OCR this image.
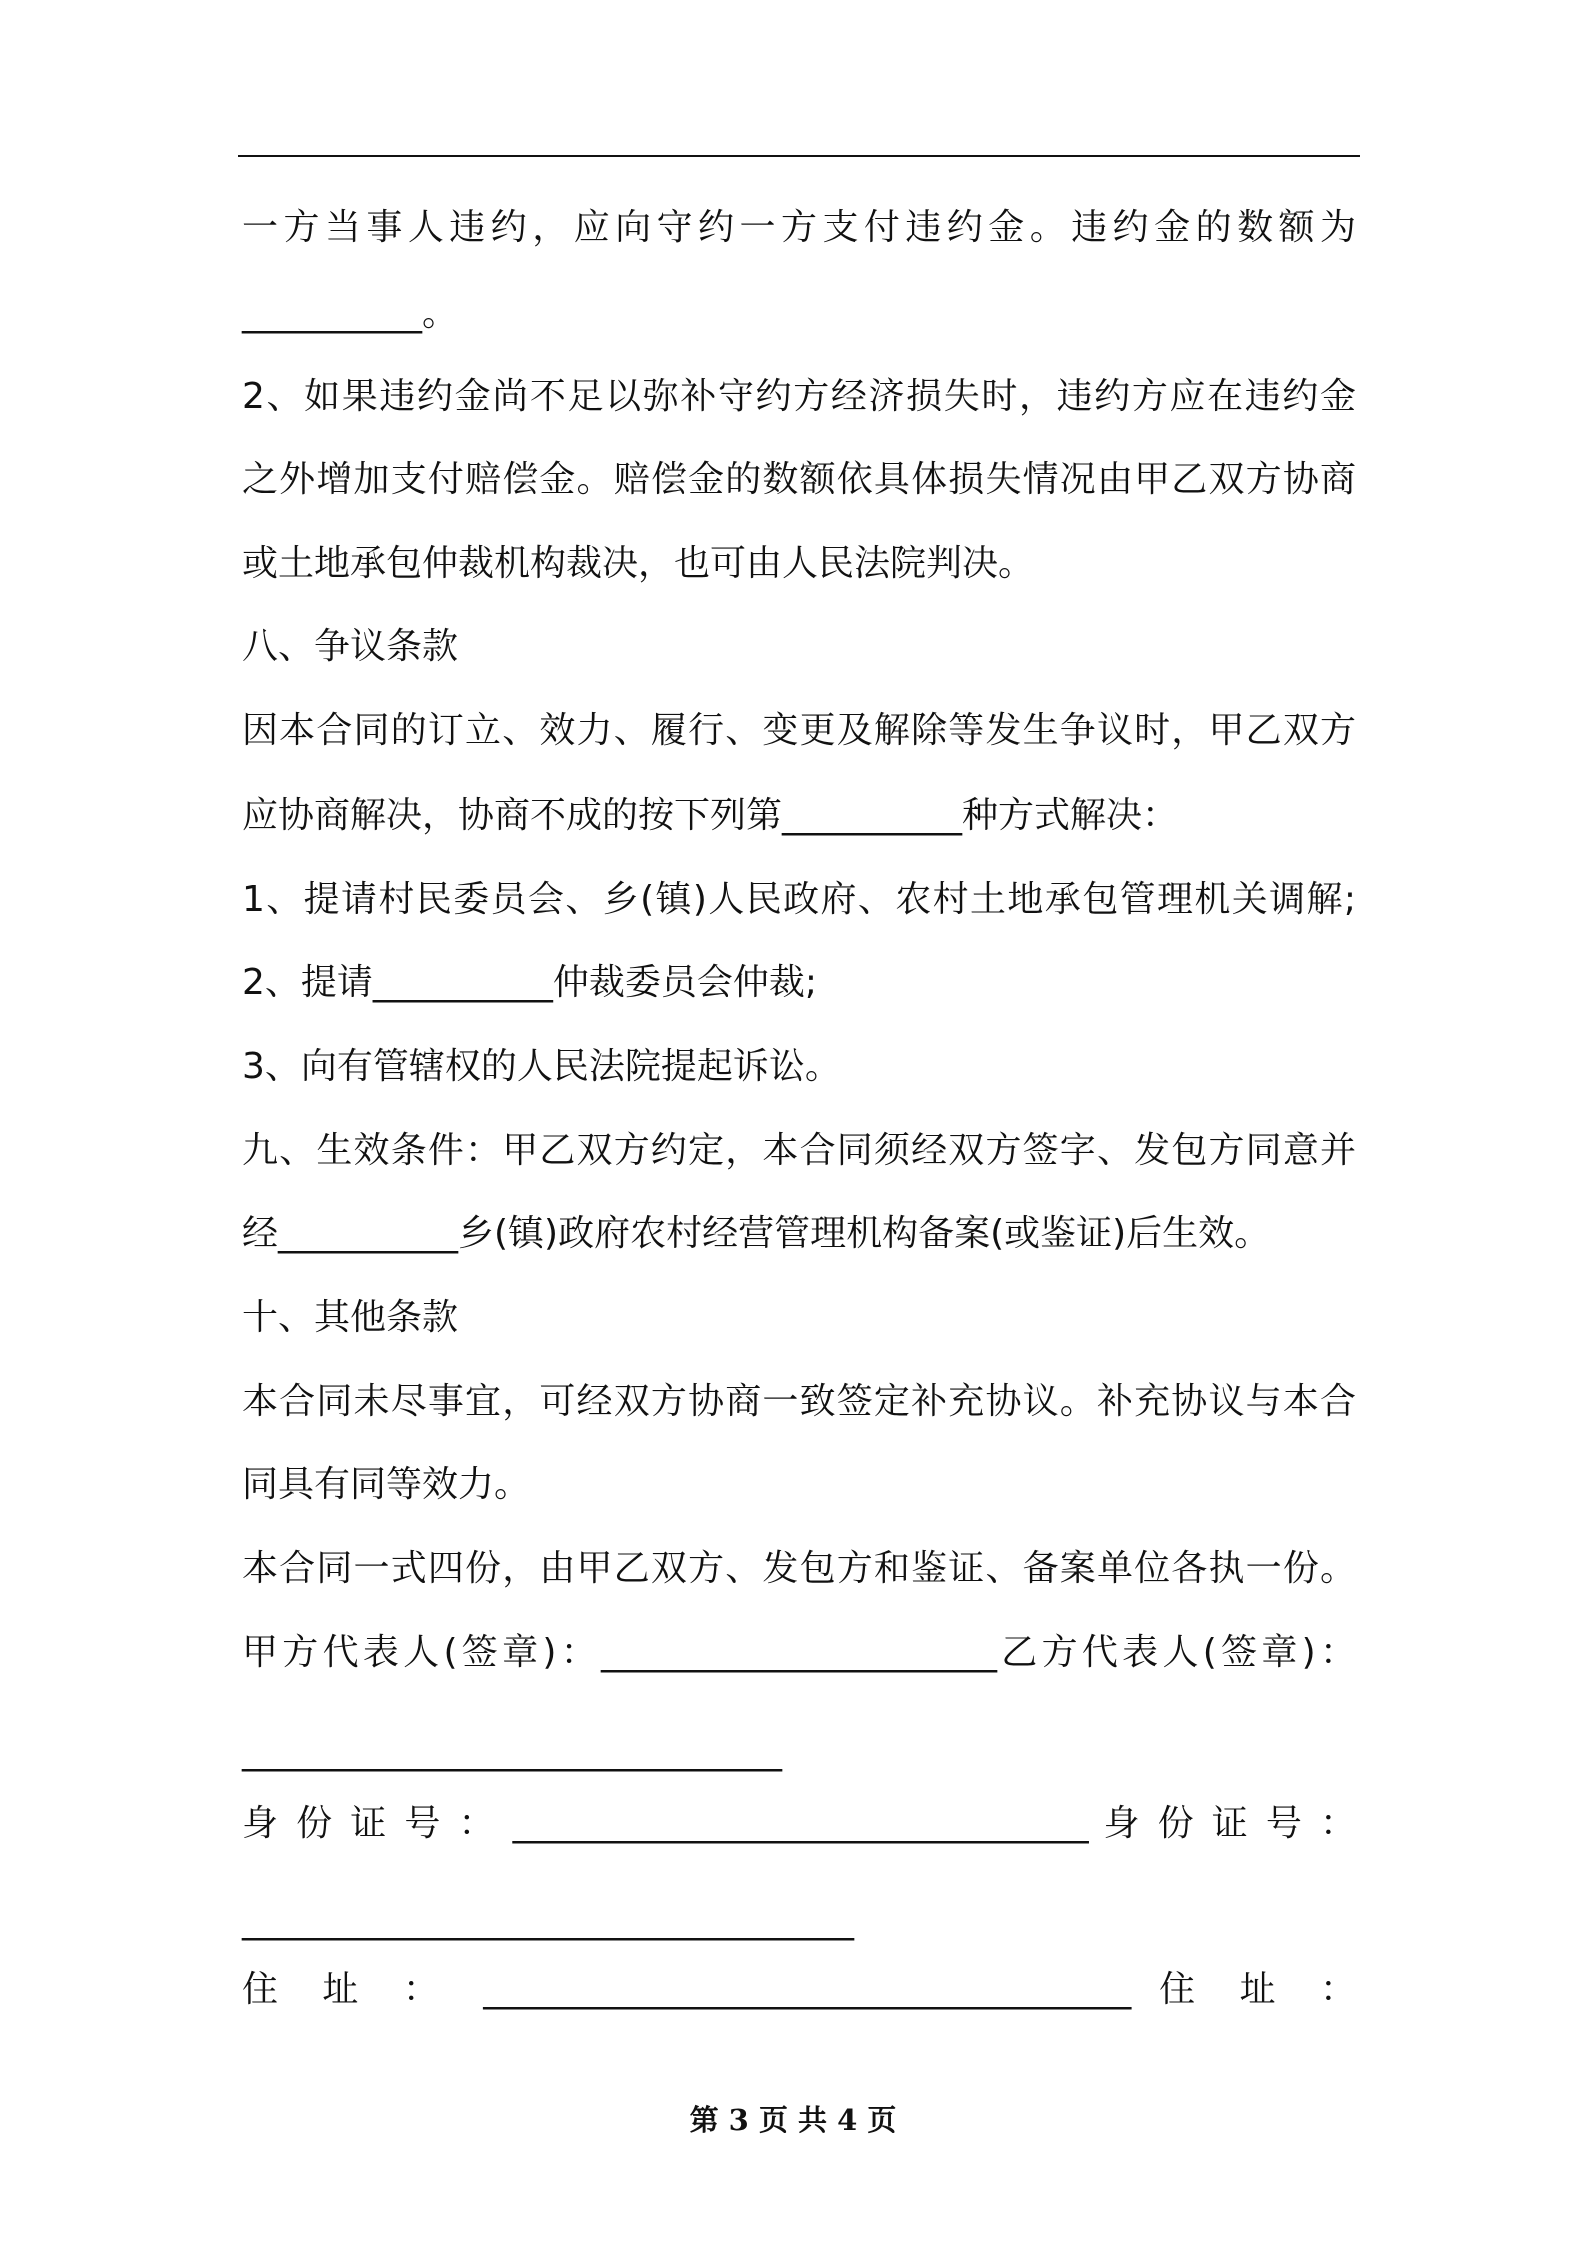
一方当事人违约，应向守约一方支付违约金。违约金的数额为
__________。
2、如果违约金尚不足以弥补守约方经济损失时，违约方应在违约金
之外增加支付赔偿金。赔偿金的数额依具体损失情况由甲乙双方协商
或土地承包仲裁机构裁决，也可由人民法院判决。
八、争议条款
因本合同的订立、效力、履行、变更及解除等发生争议时，甲乙双方
应协商解决，协商不成的按下列第__________种方式解决：
1、提请村民委员会、乡(镇)人民政府、农村土地承包管理机关调解;
2、提请__________仲裁委员会仲裁;
3、向有管辖权的人民法院提起诉讼。
九、生效条件：甲乙双方约定，本合同须经双方签字、发包方同意并
经__________乡(镇)政府农村经营管理机构备案(或鉴证)后生效。
十、其他条款
本合同未尽事宜，可经双方协商一致签定补充协议。补充协议与本合
同具有同等效力。
本合同一式四份，由甲乙双方、发包方和鉴证、备案单位各执一份。
甲方代表人(签章)：______________________乙方代表人(签章)：
______________________________
身 份 证 号 ： ________________________________ 身 份 证 号 ：
__________________________________
住 址 ： ____________________________________ 住 址 ：
第 3 页 共 4 页
